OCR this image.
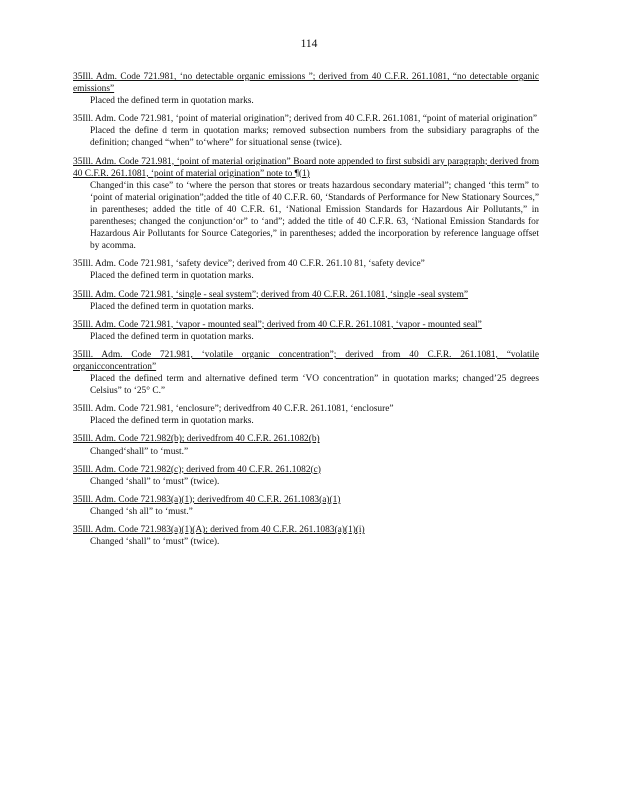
114
35Ill. Adm. Code 721.981, ‘no detectable organic emissions ”; derived from 40 C.F.R. 261.1081, “no detectable organic emissions”
Placed the defined term in quotation marks.
35Ill. Adm. Code 721.981, ‘point of material origination”; derived from 40 C.F.R. 261.1081, “point of material origination”
Placed the define d term in quotation marks; removed subsection numbers from the subsidiary paragraphs of the definition; changed “when” to‘where” for situational sense (twice).
35Ill. Adm. Code 721.981, ‘point of material origination” Board note appended to first subsidi ary paragraph; derived from 40 C.F.R. 261.1081, ‘point of material origination” note to ¶(1)
Changed‘in this case” to ‘where the person that stores or treats hazardous secondary material”; changed ‘this term” to ‘point of material origination”;added the title of 40 C.F.R. 60, ‘Standards of Performance for New Stationary Sources,” in parentheses; added the title of 40 C.F.R. 61, ‘National Emission Standards for Hazardous Air Pollutants,” in parentheses; changed the conjunction‘or” to ‘and”; added the title of 40 C.F.R. 63, ‘National Emission Standards for Hazardous Air Pollutants for Source Categories,” in parentheses; added the incorporation by reference language offset by acomma.
35Ill. Adm. Code 721.981, ‘safety device”; derived from 40 C.F.R. 261.10 81, ‘safety device”
Placed the defined term in quotation marks.
35Ill. Adm. Code 721.981, ‘single - seal system”; derived from 40 C.F.R. 261.1081, ‘single -seal system”
Placed the defined term in quotation marks.
35Ill. Adm. Code 721.981, ‘vapor - mounted seal”; derived from 40 C.F.R. 261.1081, ‘vapor - mounted seal”
Placed the defined term in quotation marks.
35Ill. Adm. Code 721.981, ‘volatile organic concentration”; derived from 40 C.F.R. 261.1081, “volatile organicconcentration”
Placed the defined term and alternative defined term ‘VO concentration” in quotation marks; changed’25 degrees Celsius” to ‘25° C.”
35Ill. Adm. Code 721.981, ‘enclosure”; derivedfrom 40 C.F.R. 261.1081, ‘enclosure”
Placed the defined term in quotation marks.
35Ill. Adm. Code 721.982(b); derivedfrom 40 C.F.R. 261.1082(b)
Changed‘shall” to ‘must.”
35Ill. Adm. Code 721.982(c); derived from 40 C.F.R. 261.1082(c)
Changed ‘shall” to ‘must” (twice).
35Ill. Adm. Code 721.983(a)(1); derivedfrom 40 C.F.R. 261.1083(a)(1)
Changed ‘sh all” to ‘must.”
35Ill. Adm. Code 721.983(a)(1)(A); derived from 40 C.F.R. 261.1083(a)(1)(i)
Changed ‘shall” to ‘must” (twice).
